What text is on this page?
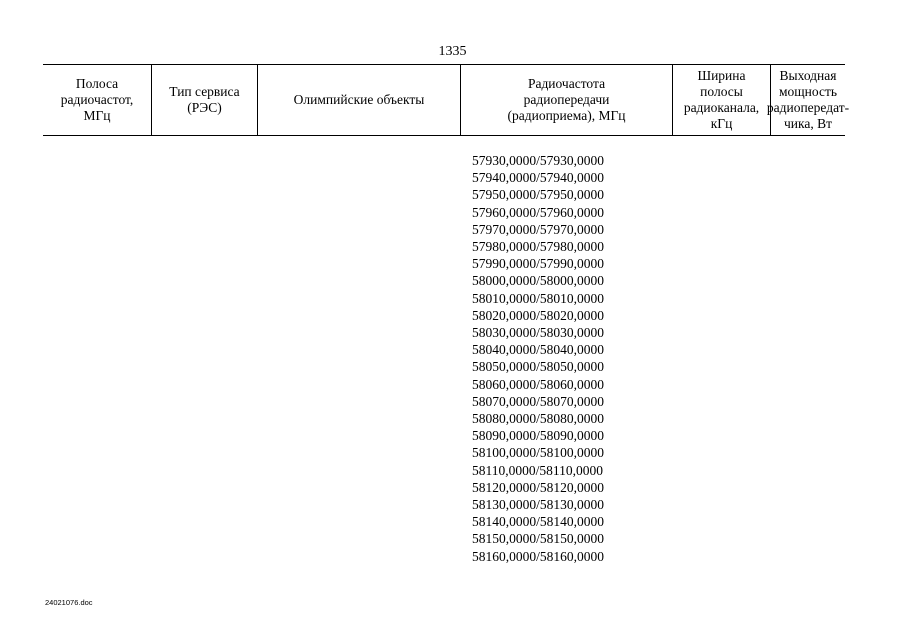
1335
Полоса
радиочастот,
МГц
Тип сервиса
(РЭС)
Олимпийские объекты
Радиочастота
радиопередачи
(радиоприема), МГц
Ширина
полосы
радиоканала,
кГц
Выходная
мощность
радиопередат-
чика, Вт
57930,0000/57930,0000
57940,0000/57940,0000
57950,0000/57950,0000
57960,0000/57960,0000
57970,0000/57970,0000
57980,0000/57980,0000
57990,0000/57990,0000
58000,0000/58000,0000
58010,0000/58010,0000
58020,0000/58020,0000
58030,0000/58030,0000
58040,0000/58040,0000
58050,0000/58050,0000
58060,0000/58060,0000
58070,0000/58070,0000
58080,0000/58080,0000
58090,0000/58090,0000
58100,0000/58100,0000
58110,0000/58110,0000
58120,0000/58120,0000
58130,0000/58130,0000
58140,0000/58140,0000
58150,0000/58150,0000
58160,0000/58160,0000
24021076.doc
